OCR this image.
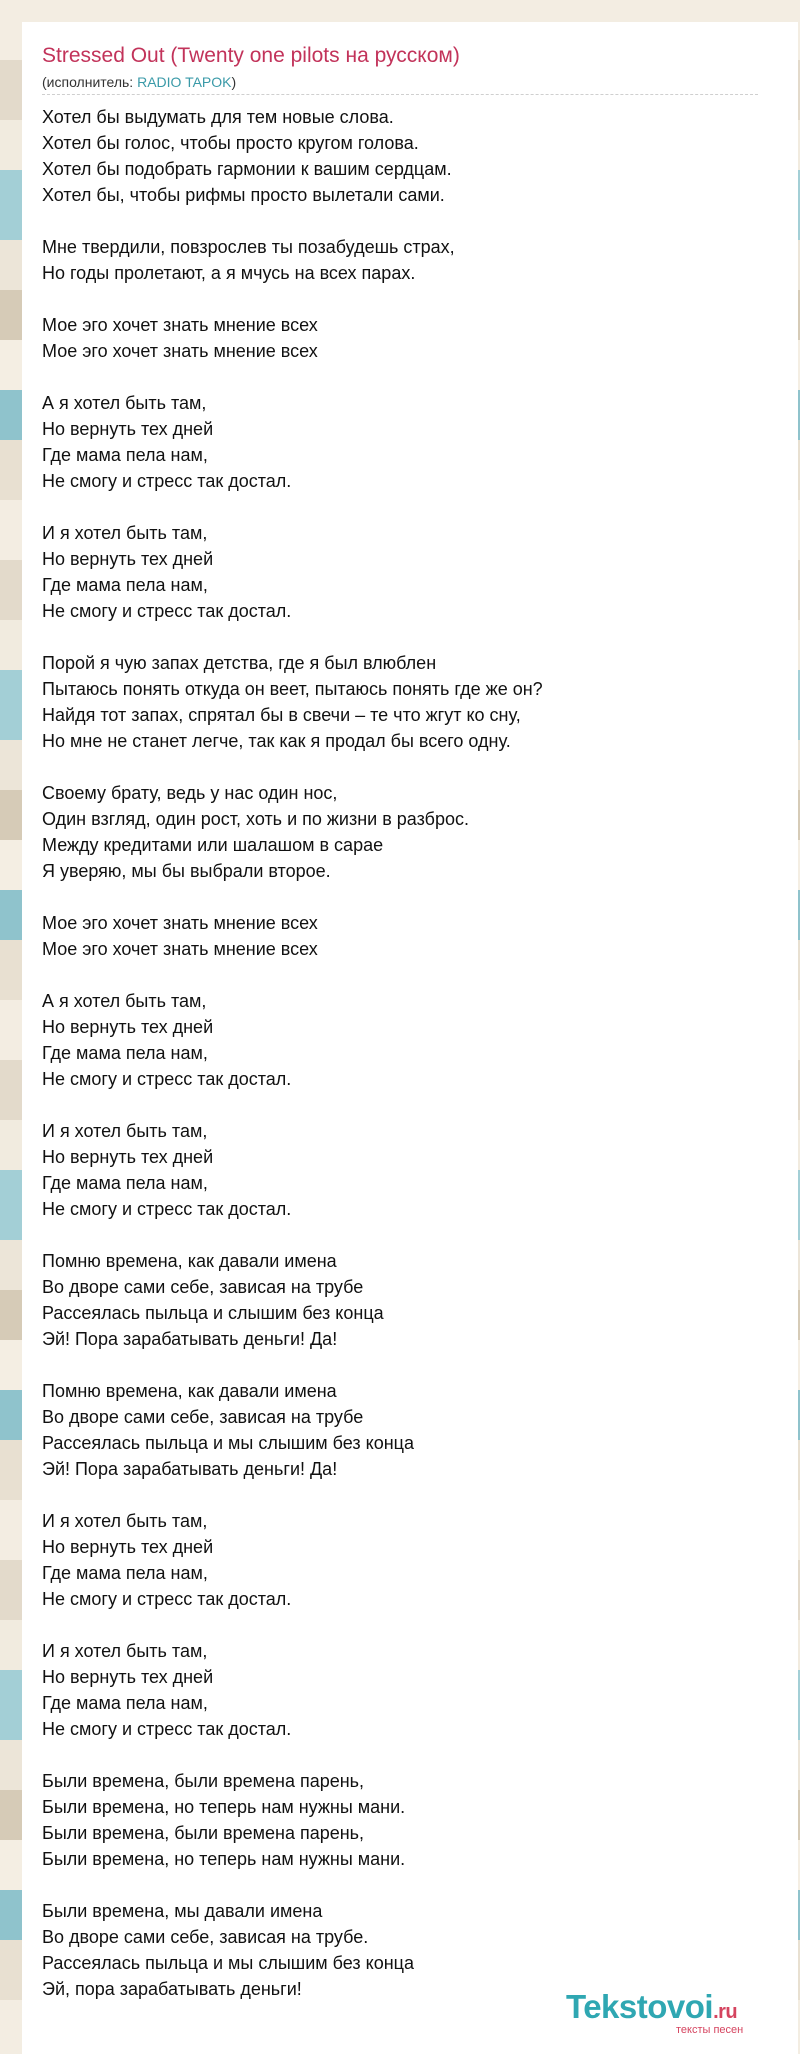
Stressed Out (Twenty one pilots на русском)
(исполнитель: RADIO TAPOK)
Хотел бы выдумать для тем новые слова.
Хотел бы голос, чтобы просто кругом голова.
Хотел бы подобрать гармонии к вашим сердцам.
Хотел бы, чтобы рифмы просто вылетали сами.
Мне твердили, повзрослев ты позабудешь страх,
Но годы пролетают, а я мчусь на всех парах.
Мое эго хочет знать мнение всех
Мое эго хочет знать мнение всех
А я хотел быть там,
Но вернуть тех дней
Где мама пела нам,
Не смогу и стресс так достал.
И я хотел быть там,
Но вернуть тех дней
Где мама пела нам,
Не смогу и стресс так достал.
Порой я чую запах детства, где я был влюблен
Пытаюсь понять откуда он веет, пытаюсь понять где же он?
Найдя тот запах, спрятал бы в свечи – те что жгут ко сну,
Но мне не станет легче, так как я продал бы всего одну.
Своему брату, ведь у нас один нос,
Один взгляд, один рост, хоть и по жизни в разброс.
Между кредитами или шалашом в сарае
Я уверяю, мы бы выбрали второе.
Мое эго хочет знать мнение всех
Мое эго хочет знать мнение всех
А я хотел быть там,
Но вернуть тех дней
Где мама пела нам,
Не смогу и стресс так достал.
И я хотел быть там,
Но вернуть тех дней
Где мама пела нам,
Не смогу и стресс так достал.
Помню времена, как давали имена
Во дворе сами себе, зависая на трубе
Рассеялась пыльца и слышим без конца
Эй! Пора зарабатывать деньги! Да!
Помню времена, как давали имена
Во дворе сами себе, зависая на трубе
Рассеялась пыльца и мы слышим без конца
Эй! Пора зарабатывать деньги! Да!
И я хотел быть там,
Но вернуть тех дней
Где мама пела нам,
Не смогу и стресс так достал.
И я хотел быть там,
Но вернуть тех дней
Где мама пела нам,
Не смогу и стресс так достал.
Были времена, были времена парень,
Были времена, но теперь нам нужны мани.
Были времена, были времена парень,
Были времена, но теперь нам нужны мани.
Были времена, мы давали имена
Во дворе сами себе, зависая на трубе.
Рассеялась пыльца и мы слышим без конца
Эй, пора зарабатывать деньги!	Tekstovoi.ru
тексты песен
